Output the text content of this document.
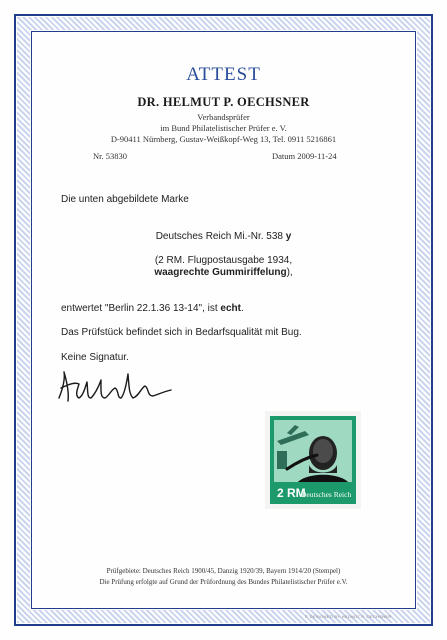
ATTEST
DR. HELMUT P. OECHSNER
Verbandsprüfer
im Bund Philatelistischer Prüfer e. V.
D-90411 Nürnberg, Gustav-Weißkopf-Weg 13, Tel. 0911 5216861
Nr. 53830	Datum 2009-11-24
Die unten abgebildete Marke
Deutsches Reich Mi.-Nr. 538 y
(2 RM. Flugpostausgabe 1934,
waagrechte Gummiriffelung),
entwertet "Berlin 22.1.36 13-14", ist echt.
Das Prüfstück befindet sich in Bedarfsqualität mit Bug.
Keine Signatur.
2 RM
Deutsches Reich
Prüfgebiete: Deutsches Reich 1900/45, Danzig 1920/39, Bayern 1914/20 (Stempel)
Die Prüfung erfolgte auf Grund der Prüfordnung des Bundes Philatelistischer Prüfer e.V.
© DESIGNED BY HELMUT P. OECHSNER
